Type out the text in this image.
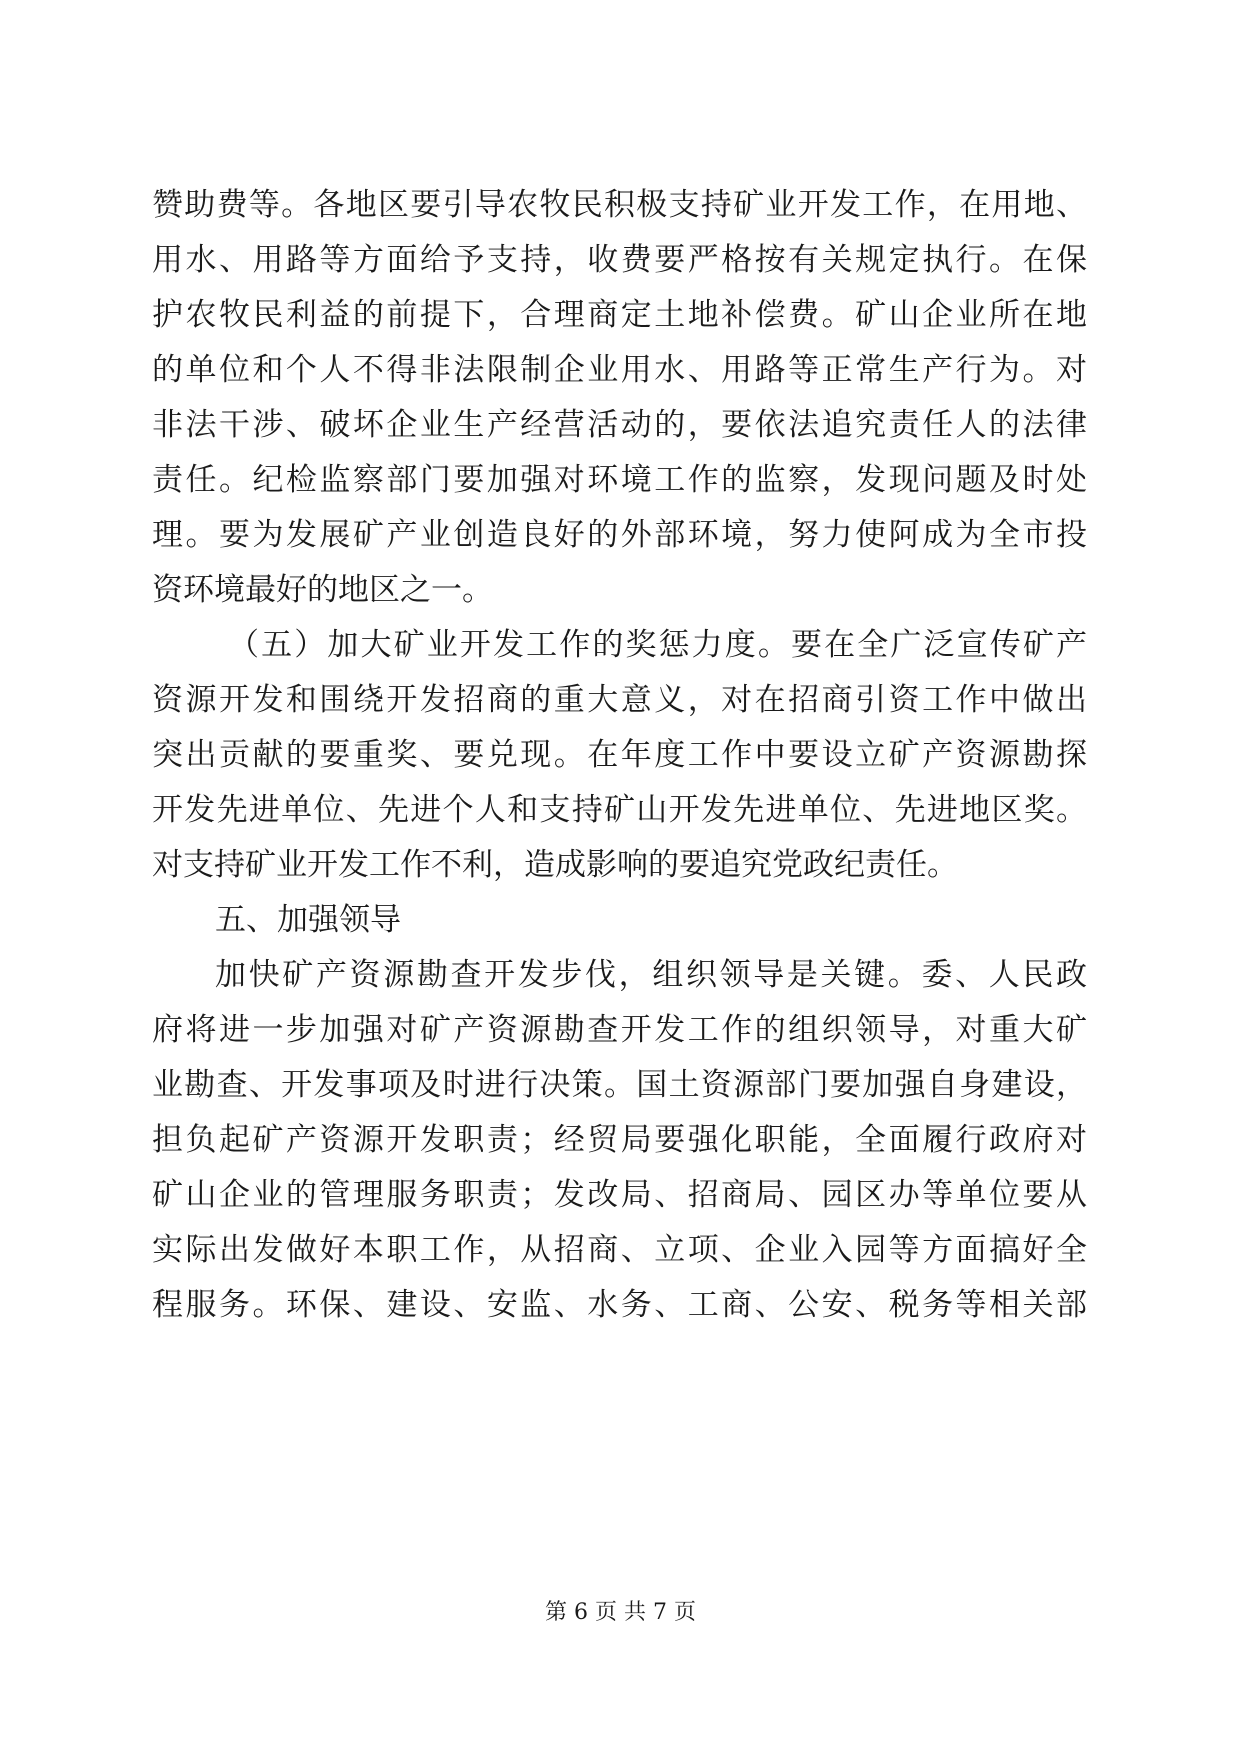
赞助费等。各地区要引导农牧民积极支持矿业开发工作，在用地、
用水、用路等方面给予支持，收费要严格按有关规定执行。在保
护农牧民利益的前提下，合理商定土地补偿费。矿山企业所在地
的单位和个人不得非法限制企业用水、用路等正常生产行为。对
非法干涉、破坏企业生产经营活动的，要依法追究责任人的法律
责任。纪检监察部门要加强对环境工作的监察，发现问题及时处
理。要为发展矿产业创造良好的外部环境，努力使阿成为全市投
资环境最好的地区之一。
（五）加大矿业开发工作的奖惩力度。要在全广泛宣传矿产
资源开发和围绕开发招商的重大意义，对在招商引资工作中做出
突出贡献的要重奖、要兑现。在年度工作中要设立矿产资源勘探
开发先进单位、先进个人和支持矿山开发先进单位、先进地区奖。
对支持矿业开发工作不利，造成影响的要追究党政纪责任。
五、加强领导
加快矿产资源勘查开发步伐，组织领导是关键。委、人民政
府将进一步加强对矿产资源勘查开发工作的组织领导，对重大矿
业勘查、开发事项及时进行决策。国土资源部门要加强自身建设，
担负起矿产资源开发职责；经贸局要强化职能，全面履行政府对
矿山企业的管理服务职责；发改局、招商局、园区办等单位要从
实际出发做好本职工作，从招商、立项、企业入园等方面搞好全
程服务。环保、建设、安监、水务、工商、公安、税务等相关部
第 6 页 共 7 页
